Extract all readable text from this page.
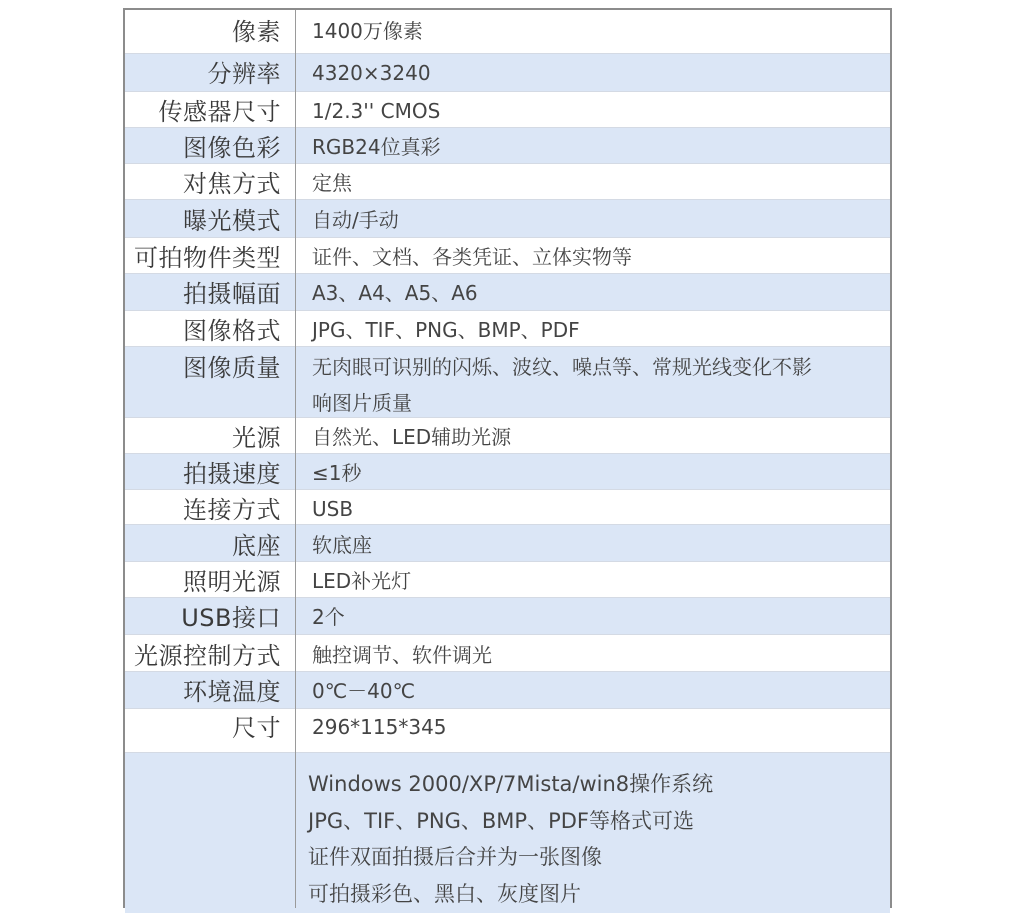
像素 1400万像素
分辨率 4320×3240
传感器尺寸 1/2.3'' CMOS
图像色彩 RGB24位真彩
对焦方式 定焦
曝光模式 自动/手动
可拍物件类型 证件、文档、各类凭证、立体实物等
拍摄幅面 A3、A4、A5、A6
图像格式 JPG、TIF、PNG、BMP、PDF
图像质量 无肉眼可识别的闪烁、波纹、噪点等、常规光线变化不影
响图片质量
光源 自然光、LED辅助光源
拍摄速度 ≤1秒
连接方式 USB
底座 软底座
照明光源 LED补光灯
USB接口 2个
光源控制方式 触控调节、软件调光
环境温度 0℃－40℃
尺寸 296*115*345
Windows 2000/XP/7Mista/win8操作系统
JPG、TIF、PNG、BMP、PDF等格式可选
证件双面拍摄后合并为一张图像
可拍摄彩色、黑白、灰度图片
